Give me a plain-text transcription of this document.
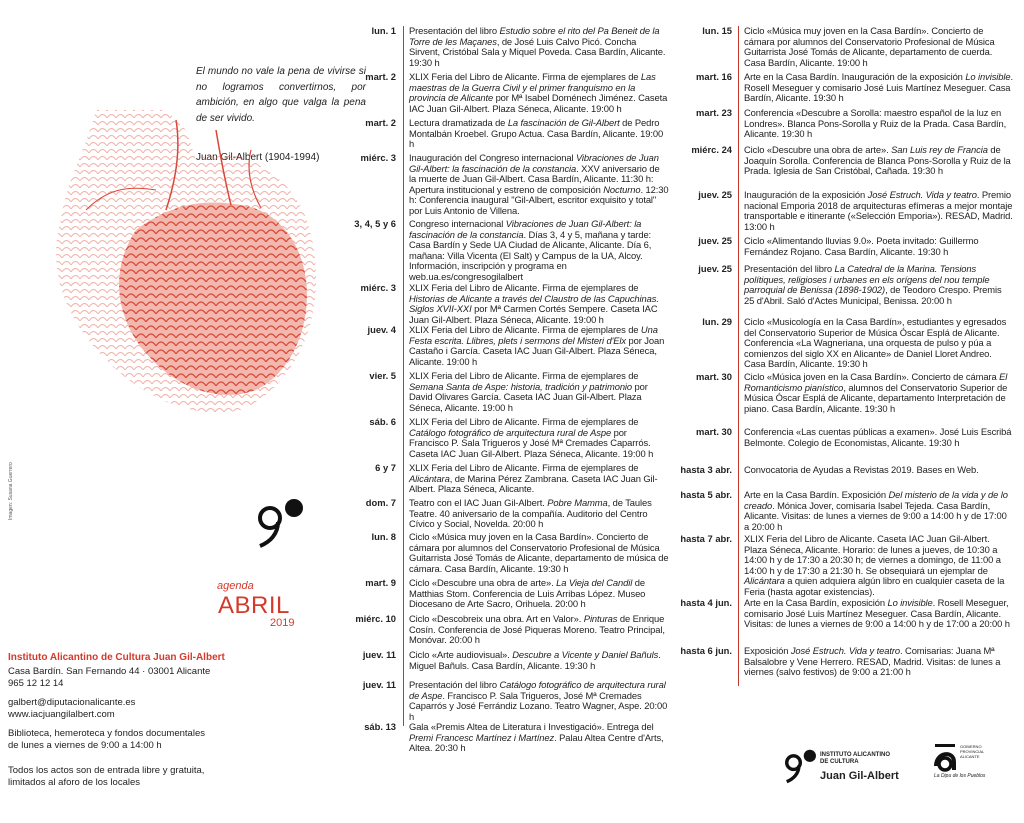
El mundo no vale la pena de vivirse si no logramos convertirnos, por ambición, en algo que valga la pena de ser vivido.
Juan Gil-Albert (1904-1994)
Imagen: Susana Guerrero
agenda
ABRIL
2019
Instituto Alicantino de Cultura Juan Gil-Albert
Casa Bardín. San Fernando 44 · 03001 Alicante
965 12 12 14
galbert@diputacionalicante.es
www.iacjuangilalbert.com
Biblioteca, hemeroteca y fondos documentales
de lunes a viernes de 9:00 a 14:00 h
Todos los actos son de entrada libre y gratuita,
limitados al aforo de los locales
lun. 1 Presentación del libro Estudio sobre el rito del Pa Beneit de la Torre de les Maçanes, de José Luis Calvo Picó. Concha Sirvent, Cristóbal Sala y Miquel Poveda. Casa Bardín, Alicante. 19:30 h
mart. 2 XLIX Feria del Libro de Alicante. Firma de ejemplares de Las maestras de la Guerra Civil y el primer franquismo en la provincia de Alicante por Mª Isabel Doménech Jiménez. Caseta IAC Juan Gil-Albert. Plaza Séneca, Alicante. 19:00 h
mart. 2 Lectura dramatizada de La fascinación de Gil-Albert de Pedro Montalbán Kroebel. Grupo Actua. Casa Bardín, Alicante. 19:00 h
miérc. 3 Inauguración del Congreso internacional Vibraciones de Juan Gil-Albert: la fascinación de la constancia. XXV aniversario de la muerte de Juan Gil-Albert. Casa Bardín, Alicante. 11:30 h: Apertura institucional y estreno de composición Nocturno. 12:30 h: Conferencia inaugural "Gil-Albert, escritor exquisito y total" por Luis Antonio de Villena.
3, 4, 5 y 6 Congreso internacional Vibraciones de Juan Gil-Albert: la fascinación de la constancia. Días 3, 4 y 5, mañana y tarde: Casa Bardín y Sede UA Ciudad de Alicante, Alicante. Día 6, mañana: Villa Vicenta (El Salt) y Campus de la UA, Alcoy. Información, inscripción y programa en web.ua.es/congresogilalbert
miérc. 3 XLIX Feria del Libro de Alicante. Firma de ejemplares de Historias de Alicante a través del Claustro de las Capuchinas. Siglos XVII-XXI por Mª Carmen Cortés Sempere. Caseta IAC Juan Gil-Albert. Plaza Séneca, Alicante. 19:00 h
juev. 4 XLIX Feria del Libro de Alicante. Firma de ejemplares de Una Festa escrita. Llibres, plets i sermons del Misteri d'Elx por Joan Castaño i García. Caseta IAC Juan Gil-Albert. Plaza Séneca, Alicante. 19:00 h
vier. 5 XLIX Feria del Libro de Alicante. Firma de ejemplares de Semana Santa de Aspe: historia, tradición y patrimonio por David Olivares García. Caseta IAC Juan Gil-Albert. Plaza Séneca, Alicante. 19:00 h
sáb. 6 XLIX Feria del Libro de Alicante. Firma de ejemplares de Catálogo fotográfico de arquitectura rural de Aspe por Francisco P. Sala Trigueros y José Mª Cremades Caparrós. Caseta IAC Juan Gil-Albert. Plaza Séneca, Alicante. 19:00 h
6 y 7 XLIX Feria del Libro de Alicante. Firma de ejemplares de Alicántara, de Marina Pérez Zambrana. Caseta IAC Juan Gil-Albert. Plaza Séneca, Alicante.
dom. 7 Teatro con el IAC Juan Gil-Albert. Pobre Mamma, de Taules Teatre. 40 aniversario de la compañía. Auditorio del Centro Cívico y Social, Novelda. 20:00 h
lun. 8 Ciclo «Música muy joven en la Casa Bardín». Concierto de cámara por alumnos del Conservatorio Profesional de Música Guitarrista José Tomás de Alicante, departamento de música de cámara. Casa Bardín, Alicante. 19:30 h
mart. 9 Ciclo «Descubre una obra de arte». La Vieja del Candil de Matthias Stom. Conferencia de Luis Arribas López. Museo Diocesano de Arte Sacro, Orihuela. 20:00 h
miérc. 10 Ciclo «Descobreix una obra. Art en Valor». Pinturas de Enrique Cosín. Conferencia de José Piqueras Moreno. Teatro Principal, Monóvar. 20:00 h
juev. 11 Ciclo «Arte audiovisual». Descubre a Vicente y Daniel Bañuls. Miguel Bañuls. Casa Bardín, Alicante. 19:30 h
juev. 11 Presentación del libro Catálogo fotográfico de arquitectura rural de Aspe. Francisco P. Sala Trigueros, José Mª Cremades Caparrós y José Ferrándiz Lozano. Teatro Wagner, Aspe. 20:00 h
sáb. 13 Gala «Premis Altea de Literatura i Investigació». Entrega del Premi Francesc Martínez i Martínez. Palau Altea Centre d'Arts, Altea. 20:30 h
lun. 15 Ciclo «Música muy joven en la Casa Bardín». Concierto de cámara por alumnos del Conservatorio Profesional de Música Guitarrista José Tomás de Alicante, departamento de cuerda. Casa Bardín, Alicante. 19:00 h
mart. 16 Arte en la Casa Bardín. Inauguración de la exposición Lo invisible. Rosell Meseguer y comisario José Luis Martínez Meseguer. Casa Bardín, Alicante. 19:30 h
mart. 23 Conferencia «Descubre a Sorolla: maestro español de la luz en Londres». Blanca Pons-Sorolla y Ruiz de la Prada. Casa Bardín, Alicante. 19:30 h
miérc. 24 Ciclo «Descubre una obra de arte». San Luis rey de Francia de Joaquín Sorolla. Conferencia de Blanca Pons-Sorolla y Ruiz de la Prada. Iglesia de San Cristóbal, Cañada. 19:30 h
juev. 25 Inauguración de la exposición José Estruch. Vida y teatro. Premio nacional Emporia 2018 de arquitecturas efímeras a mejor montaje transportable e itinerante («Selección Emporia»). RESAD, Madrid. 13:00 h
juev. 25 Ciclo «Alimentando lluvias 9.0». Poeta invitado: Guillermo Fernández Rojano. Casa Bardín, Alicante. 19:30 h
juev. 25 Presentación del libro La Catedral de la Marina. Tensions polítiques, religioses i urbanes en els orígens del nou temple parroquial de Benissa (1898-1902), de Teodoro Crespo. Premis 25 d'Abril. Saló d'Actes Municipal, Benissa. 20:00 h
lun. 29 Ciclo «Musicología en la Casa Bardín», estudiantes y egresados del Conservatorio Superior de Música Óscar Esplá de Alicante. Conferencia «La Wagneriana, una orquesta de pulso y púa a comienzos del siglo XX en Alicante» de Daniel Lloret Andreo. Casa Bardín, Alicante. 19:30 h
mart. 30 Ciclo «Música joven en la Casa Bardín». Concierto de cámara El Romanticismo pianístico, alumnos del Conservatorio Superior de Música Óscar Esplá de Alicante, departamento Interpretación de piano. Casa Bardín, Alicante. 19:30 h
mart. 30 Conferencia «Las cuentas públicas a examen». José Luis Escribá Belmonte. Colegio de Economistas, Alicante. 19:30 h
hasta 3 abr. Convocatoria de Ayudas a Revistas 2019. Bases en Web.
hasta 5 abr. Arte en la Casa Bardín. Exposición Del misterio de la vida y de lo creado. Mónica Jover, comisaria Isabel Tejeda. Casa Bardín, Alicante. Visitas: de lunes a viernes de 9:00 a 14:00 h y de 17:00 a 20:00 h
hasta 7 abr. XLIX Feria del Libro de Alicante. Caseta IAC Juan Gil-Albert. Plaza Séneca, Alicante. Horario: de lunes a jueves, de 10:30 a 14:00 h y de 17:30 a 20:30 h; de viernes a domingo, de 11:00 a 14:00 h y de 17:30 a 21:30 h. Se obsequiará un ejemplar de Alicántara a quien adquiera algún libro en cualquier caseta de la Feria (hasta agotar existencias).
hasta 4 jun. Arte en la Casa Bardín, exposición Lo invisible. Rosell Meseguer, comisario José Luis Martínez Meseguer. Casa Bardín, Alicante. Visitas: de lunes a viernes de 9:00 a 14:00 h y de 17:00 a 20:00 h
hasta 6 jun. Exposición José Estruch. Vida y teatro. Comisarias: Juana Mª Balsalobre y Vene Herrero. RESAD, Madrid. Visitas: de lunes a viernes (salvo festivos) de 9:00 a 21:00 h
INSTITUTO ALICANTINO
DE CULTURA
Juan Gil-Albert
GOBIERNO
PROVINCIAL
ALICANTE
La Dipu de los Pueblos
